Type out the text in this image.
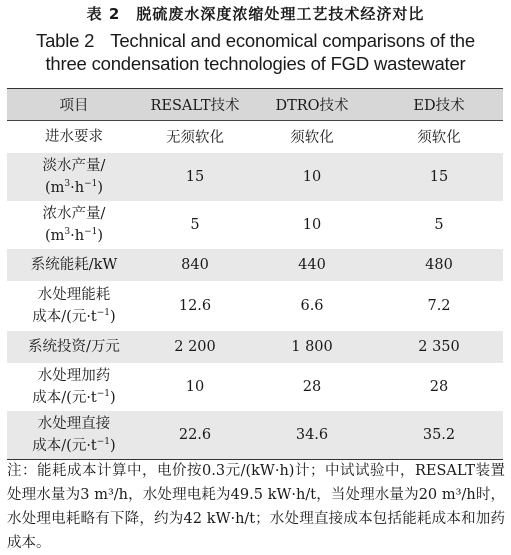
表 2　脱硫废水深度浓缩处理工艺技术经济对比
Table 2 Technical and economical comparisons of the
three condensation technologies of FGD wastewater
项目	RESALT技术	DTRO技术	ED技术
进水要求	无须软化	须软化	须软化

淡水产量/
$(m^3\cdot h^{-1})$	15	10	15

浓水产量/
$(m^3\cdot h^{-1})$	5	10	5
系统能耗/kW	840	440	480

水处理能耗
成本/(元$\cdot t^{-1}$)	12.6	6.6	7.2
系统投资/万元	2 200	1 800	2 350

水处理加药
成本/(元$\cdot t^{-1}$)	10	28	28

水处理直接
成本/(元$\cdot t^{-1}$)	22.6	34.6	35.2
注：能耗成本计算中，电价按0.3元/(kW·h)计；中试试验中，RESALT装置处理水量为3 m³/h，水处理电耗为49.5 kW·h/t，当处理水量为20 m³/h时，水处理电耗略有下降，约为42 kW·h/t；水处理直接成本包括能耗成本和加药成本。
